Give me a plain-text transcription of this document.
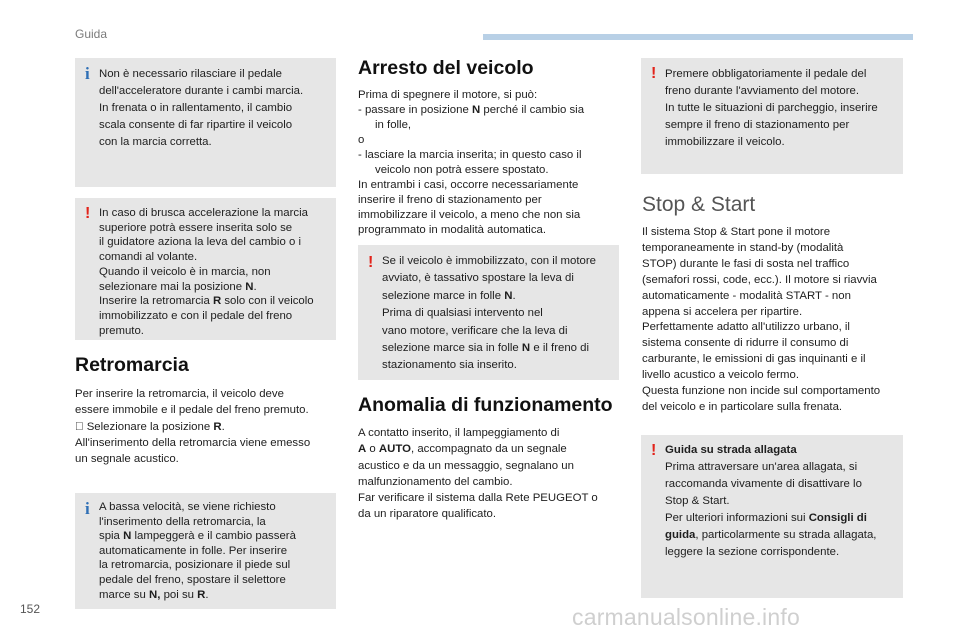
Guida
i Non è necessario rilasciare il pedale

dell'acceleratore durante i cambi marcia.

In frenata o in rallentamento, il cambio

scala consente di far ripartire il veicolo

con la marcia corretta.

! In caso di brusca accelerazione la marcia

superiore potrà essere inserita solo se

il guidatore aziona la leva del cambio o i

comandi al volante.

Quando il veicolo è in marcia, non

selezionare mai la posizione N.

Inserire la retromarcia R solo con il veicolo

immobilizzato e con il pedale del freno

premuto.

Retromarcia

Per inserire la retromarcia, il veicolo deve

essere immobile e il pedale del freno premuto.

Selezionare la posizione R.

All'inserimento della retromarcia viene emesso

un segnale acustico.

i A bassa velocità, se viene richiesto

l'inserimento della retromarcia, la

spia N lampeggerà e il cambio passerà

automaticamente in folle. Per inserire

la retromarcia, posizionare il piede sul

pedale del freno, spostare il selettore

marce su N, poi su R.

Arresto del veicolo

Prima di spegnere il motore, si può:

- passare in posizione N perché il cambio sia

in folle,

o

- lasciare la marcia inserita; in questo caso il

veicolo non potrà essere spostato.

In entrambi i casi, occorre necessariamente

inserire il freno di stazionamento per

immobilizzare il veicolo, a meno che non sia

programmato in modalità automatica.

! Se il veicolo è immobilizzato, con il motore

avviato, è tassativo spostare la leva di

selezione marce in folle N.

Prima di qualsiasi intervento nel

vano motore, verificare che la leva di

selezione marce sia in folle N e il freno di

stazionamento sia inserito.

Anomalia di funzionamento

A contatto inserito, il lampeggiamento di

A o AUTO, accompagnato da un segnale

acustico e da un messaggio, segnalano un

malfunzionamento del cambio.

Far verificare il sistema dalla Rete PEUGEOT o

da un riparatore qualificato.

! Premere obbligatoriamente il pedale del

freno durante l'avviamento del motore.

In tutte le situazioni di parcheggio, inserire

sempre il freno di stazionamento per

immobilizzare il veicolo.

Stop & Start

Il sistema Stop & Start pone il motore

temporaneamente in stand-by (modalità

STOP) durante le fasi di sosta nel traffico

(semafori rossi, code, ecc.). Il motore si riavvia

automaticamente - modalità START - non

appena si accelera per ripartire.

Perfettamente adatto all'utilizzo urbano, il

sistema consente di ridurre il consumo di

carburante, le emissioni di gas inquinanti e il

livello acustico a veicolo fermo.

Questa funzione non incide sul comportamento

del veicolo e in particolare sulla frenata.

! Guida su strada allagata

Prima attraversare un'area allagata, si

raccomanda vivamente di disattivare lo

Stop & Start.

Per ulteriori informazioni sui Consigli di

guida, particolarmente su strada allagata,

leggere la sezione corrispondente.

152	carmanualsonline.info
